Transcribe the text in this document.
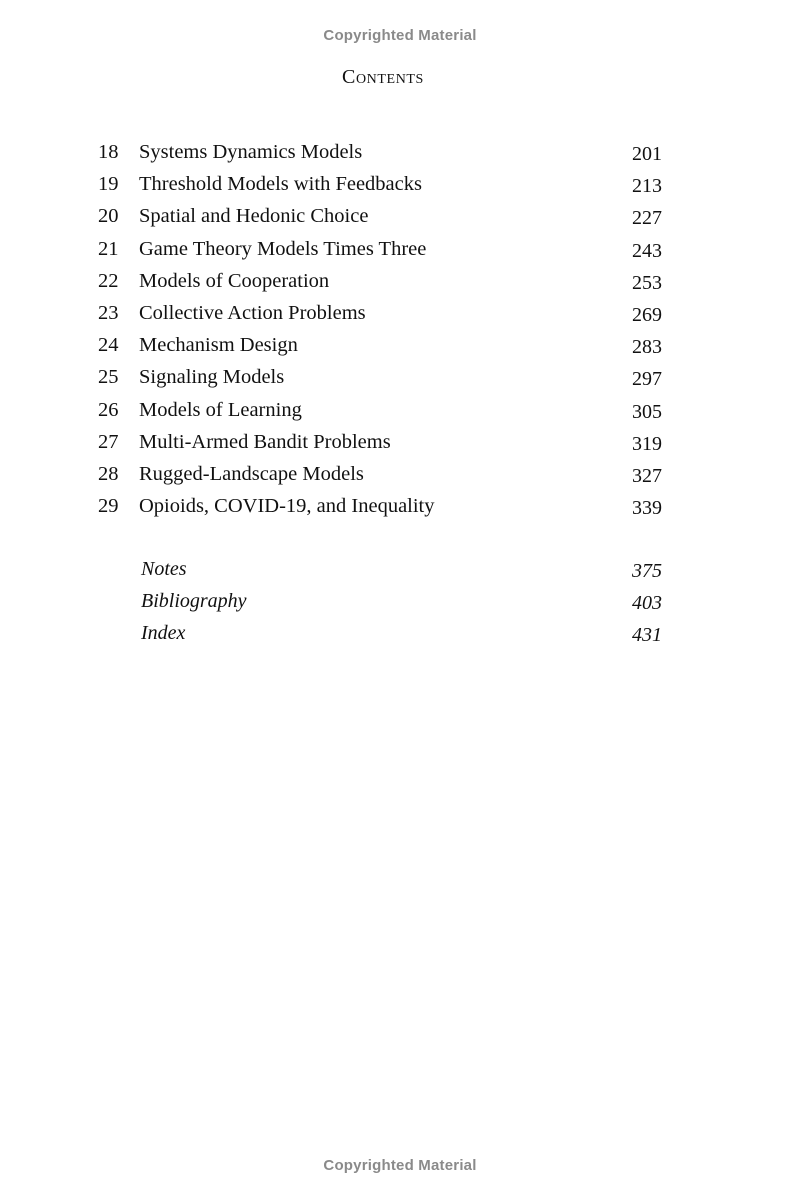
Copyrighted Material
Contents
18 Systems Dynamics Models	201
19 Threshold Models with Feedbacks	213
20 Spatial and Hedonic Choice	227
21 Game Theory Models Times Three	243
22 Models of Cooperation	253
23 Collective Action Problems	269
24 Mechanism Design	283
25 Signaling Models	297
26 Models of Learning	305
27 Multi-Armed Bandit Problems	319
28 Rugged-Landscape Models	327
29 Opioids, COVID-19, and Inequality	339
Notes	375
Bibliography	403
Index	431
Copyrighted Material
